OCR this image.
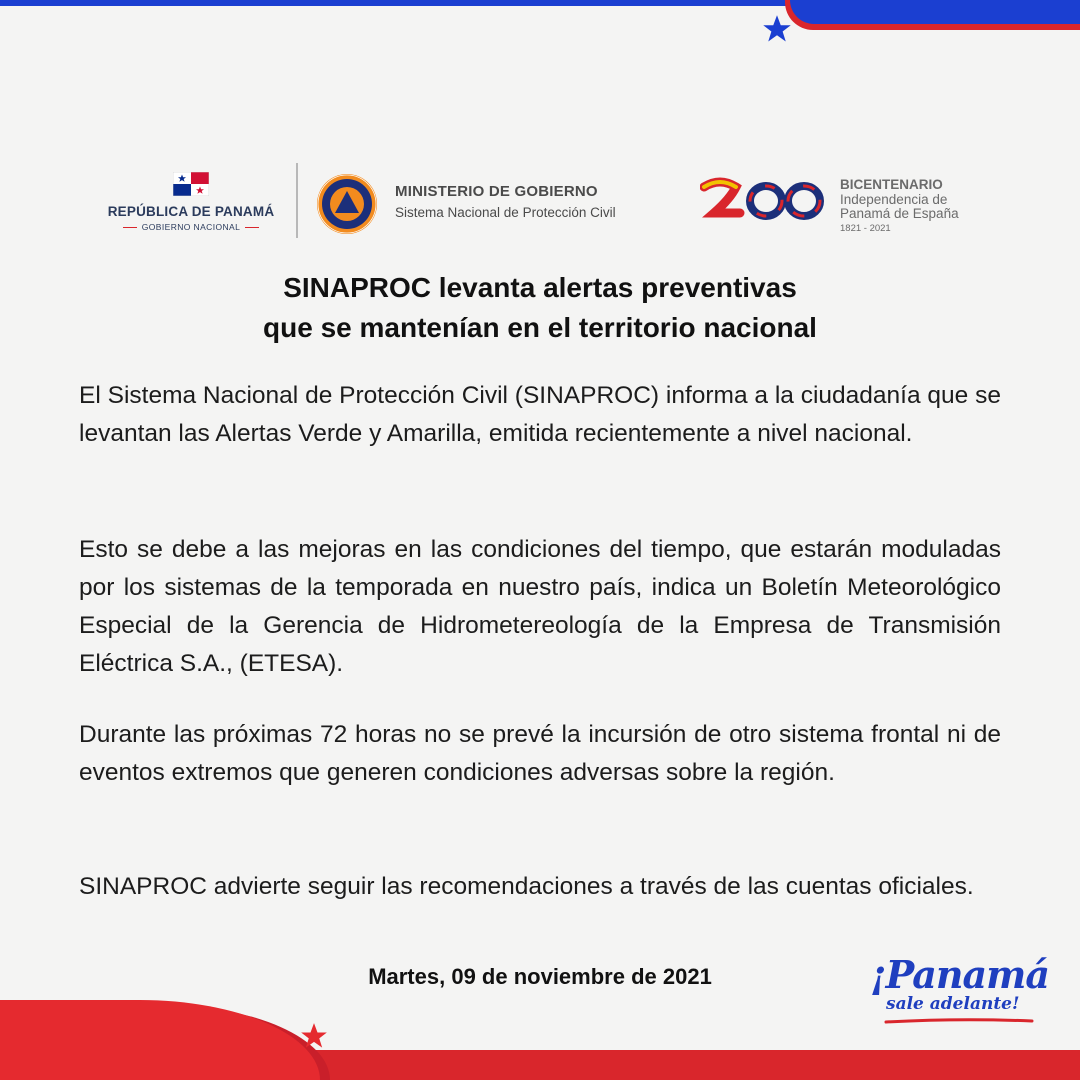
REPÚBLICA DE PANAMÁ
GOBIERNO NACIONAL
MINISTERIO DE GOBIERNO
Sistema Nacional de Protección Civil
BICENTENARIO
Independencia de
Panamá de España
1821 - 2021
SINAPROC levanta alertas preventivas
que se mantenían en el territorio nacional
El Sistema Nacional de Protección Civil (SINAPROC) informa a la ciudadanía que se levantan las Alertas Verde y Amarilla, emitida recientemente a nivel nacional.
Esto se debe a las mejoras en las condiciones del tiempo, que estarán moduladas por los sistemas de la temporada en nuestro país, indica un Boletín Meteorológico Especial de la Gerencia de Hidrometereología de la Empresa de Transmisión Eléctrica S.A., (ETESA).
Durante las próximas 72 horas no se prevé la incursión de otro sistema frontal ni de eventos extremos que generen condiciones adversas sobre la región.
SINAPROC advierte seguir las recomendaciones a través de las cuentas oficiales.
Martes, 09 de noviembre de 2021	¡Panamá
sale adelante!
